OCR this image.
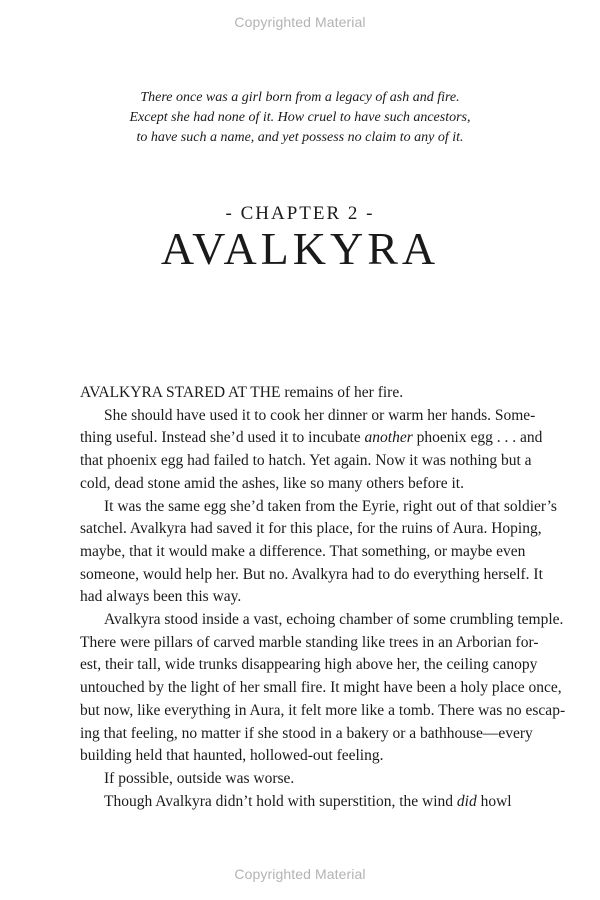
Copyrighted Material
There once was a girl born from a legacy of ash and fire.
Except she had none of it. How cruel to have such ancestors,
to have such a name, and yet possess no claim to any of it.
- CHAPTER 2 -
AVALKYRA
AVALKYRA STARED AT THE remains of her fire.
She should have used it to cook her dinner or warm her hands. Some-
thing useful. Instead she’d used it to incubate another phoenix egg . . . and
that phoenix egg had failed to hatch. Yet again. Now it was nothing but a
cold, dead stone amid the ashes, like so many others before it.
It was the same egg she’d taken from the Eyrie, right out of that soldier’s
satchel. Avalkyra had saved it for this place, for the ruins of Aura. Hoping,
maybe, that it would make a difference. That something, or maybe even
someone, would help her. But no. Avalkyra had to do everything herself. It
had always been this way.
Avalkyra stood inside a vast, echoing chamber of some crumbling temple.
There were pillars of carved marble standing like trees in an Arborian for-
est, their tall, wide trunks disappearing high above her, the ceiling canopy
untouched by the light of her small fire. It might have been a holy place once,
but now, like everything in Aura, it felt more like a tomb. There was no escap-
ing that feeling, no matter if she stood in a bakery or a bathhouse—every
building held that haunted, hollowed-out feeling.
If possible, outside was worse.
Though Avalkyra didn’t hold with superstition, the wind did howl
Copyrighted Material
